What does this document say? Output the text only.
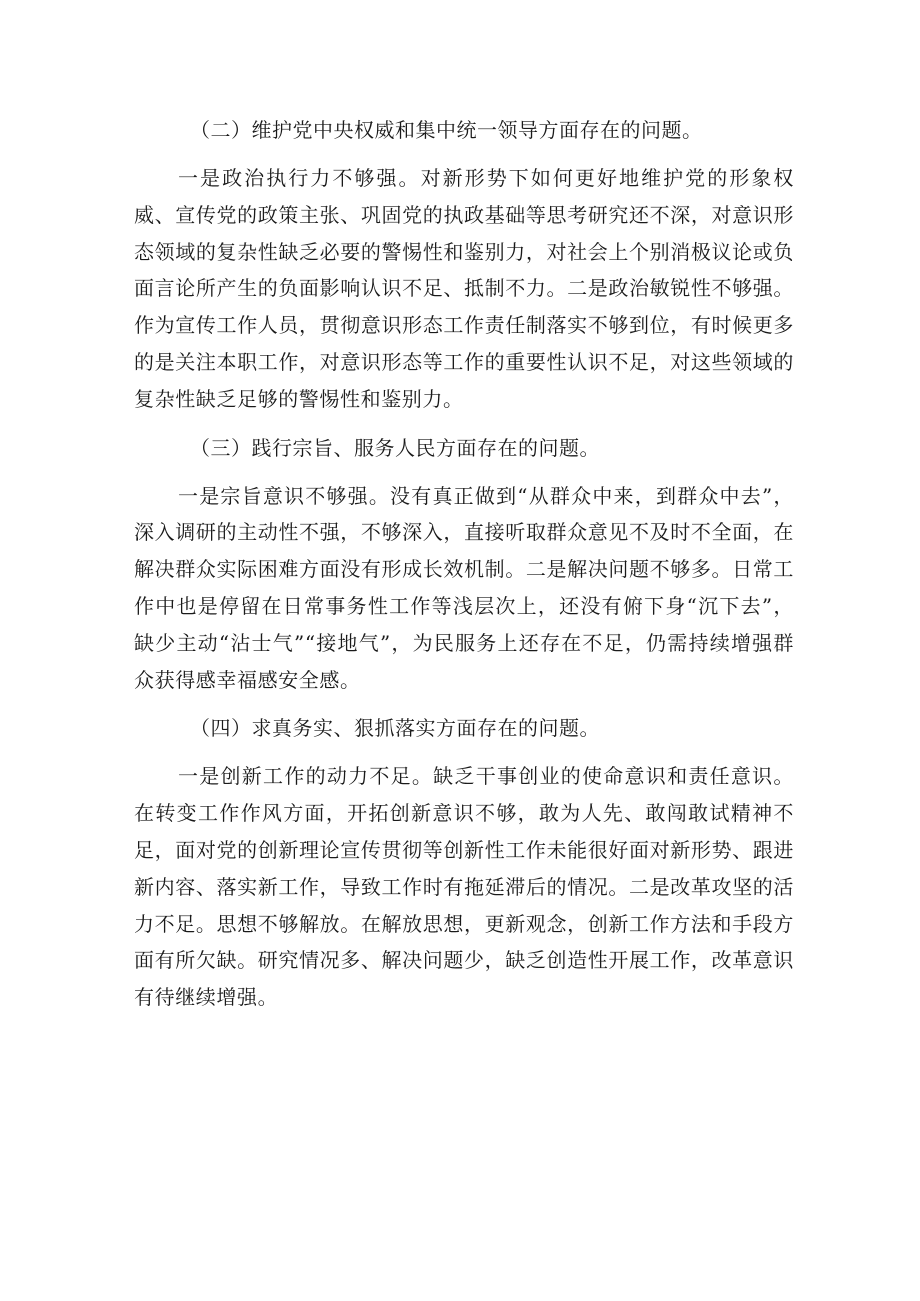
（二）维护党中央权威和集中统一领导方面存在的问题。

一是政治执行力不够强。对新形势下如何更好地维护党的形象权威、宣传党的政策主张、巩固党的执政基础等思考研究还不深，对意识形态领域的复杂性缺乏必要的警惕性和鉴别力，对社会上个别消极议论或负面言论所产生的负面影响认识不足、抵制不力。二是政治敏锐性不够强。作为宣传工作人员，贯彻意识形态工作责任制落实不够到位，有时候更多的是关注本职工作，对意识形态等工作的重要性认识不足，对这些领域的复杂性缺乏足够的警惕性和鉴别力。

（三）践行宗旨、服务人民方面存在的问题。

一是宗旨意识不够强。没有真正做到“从群众中来，到群众中去”，深入调研的主动性不强，不够深入，直接听取群众意见不及时不全面，在解决群众实际困难方面没有形成长效机制。二是解决问题不够多。日常工作中也是停留在日常事务性工作等浅层次上，还没有俯下身“沉下去”，缺少主动“沾士气”“接地气”，为民服务上还存在不足，仍需持续增强群众获得感幸福感安全感。

（四）求真务实、狠抓落实方面存在的问题。

一是创新工作的动力不足。缺乏干事创业的使命意识和责任意识。在转变工作作风方面，开拓创新意识不够，敢为人先、敢闯敢试精神不足，面对党的创新理论宣传贯彻等创新性工作未能很好面对新形势、跟进新内容、落实新工作，导致工作时有拖延滞后的情况。二是改革攻坚的活力不足。思想不够解放。在解放思想，更新观念，创新工作方法和手段方面有所欠缺。研究情况多、解决问题少，缺乏创造性开展工作，改革意识有待继续增强。
